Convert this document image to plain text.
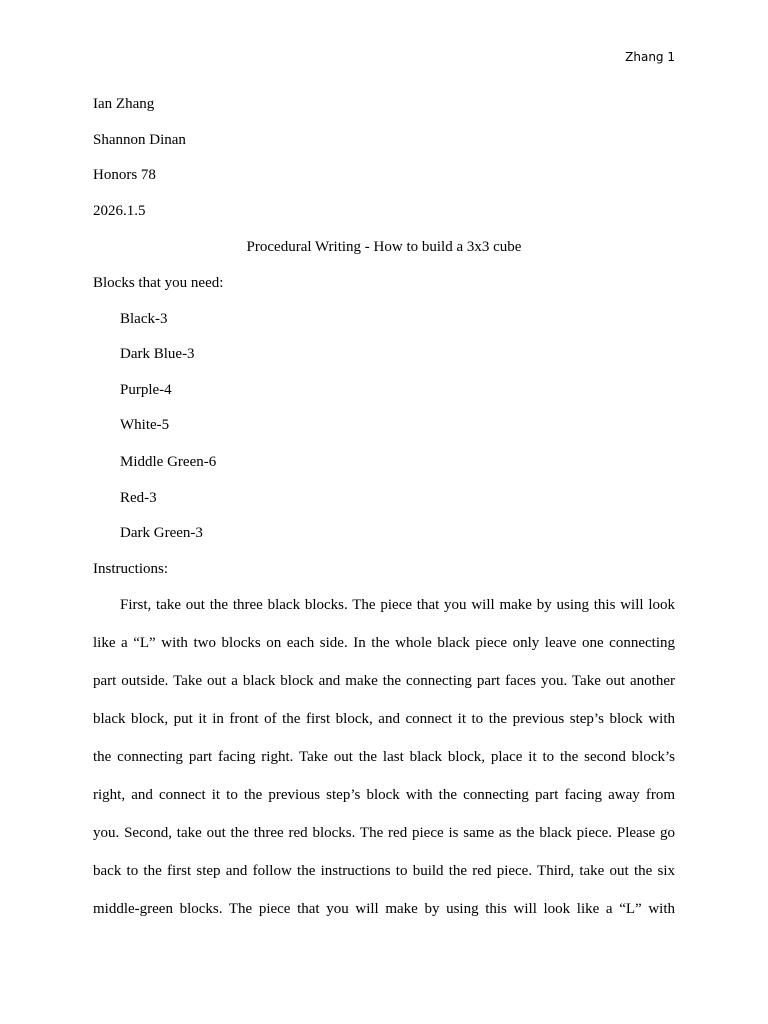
Zhang 1
Ian Zhang
Shannon Dinan
Honors 78
2026.1.5
Procedural Writing - How to build a 3x3 cube
Blocks that you need:
Black-3
Dark Blue-3
Purple-4
White-5
Middle Green-6
Red-3
Dark Green-3
Instructions:
First, take out the three black blocks. The piece that you will make by using this will look
like a “L” with two blocks on each side. In the whole black piece only leave one connecting
part outside. Take out a black block and make the connecting part faces you. Take out another
black block, put it in front of the first block, and connect it to the previous step’s block with
the connecting part facing right. Take out the last black block, place it to the second block’s
right, and connect it to the previous step’s block with the connecting part facing away from
you. Second, take out the three red blocks. The red piece is same as the black piece. Please go
back to the first step and follow the instructions to build the red piece. Third, take out the six
middle-green blocks. The piece that you will make by using this will look like a “L” with
